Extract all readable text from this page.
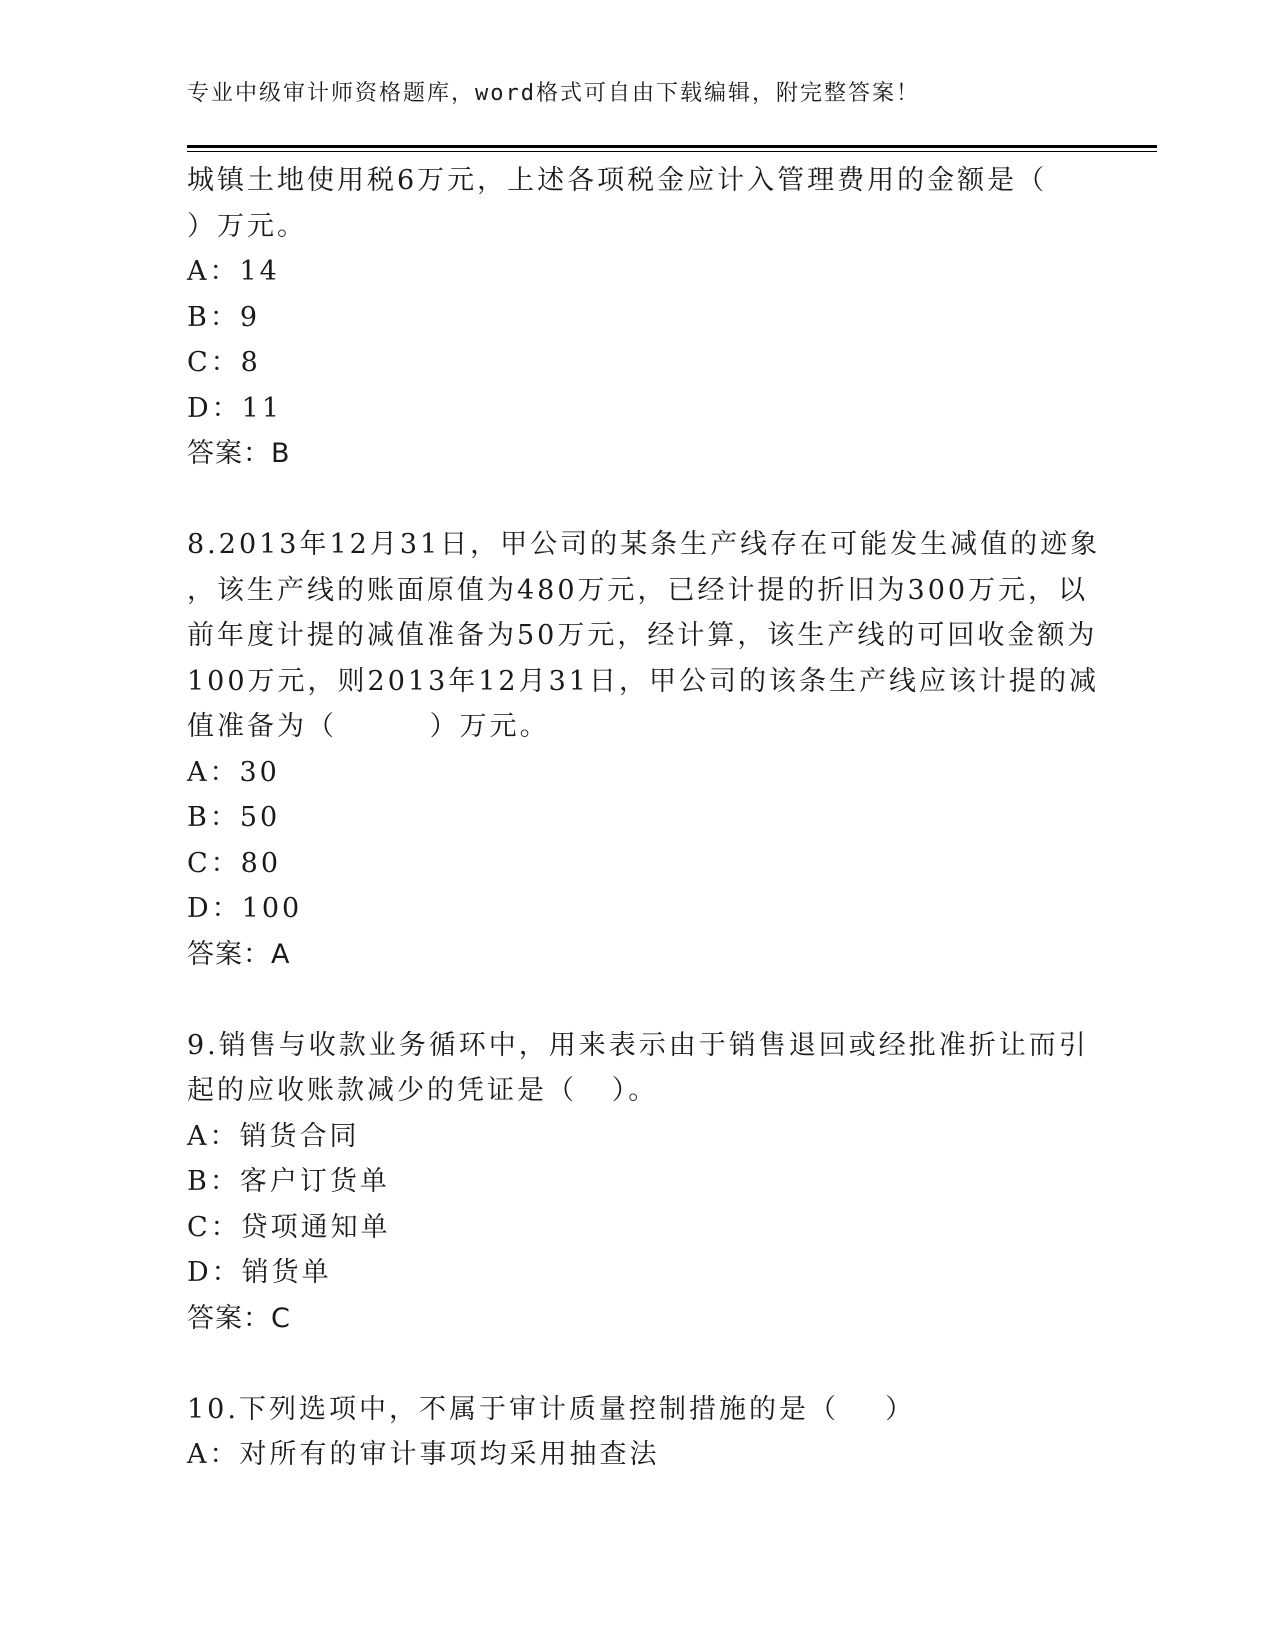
专业中级审计师资格题库，word格式可自由下载编辑，附完整答案！
城镇土地使用税6万元，上述各项税金应计入管理费用的金额是（
）万元。
A：14
B：9
C：8
D：11
答案：B
8.2013年12月31日，甲公司的某条生产线存在可能发生减值的迹象
，该生产线的账面原值为480万元，已经计提的折旧为300万元，以
前年度计提的减值准备为50万元，经计算，该生产线的可回收金额为
100万元，则2013年12月31日，甲公司的该条生产线应该计提的减
值准备为（        ）万元。
A：30
B：50
C：80
D：100
答案：A
9.销售与收款业务循环中，用来表示由于销售退回或经批准折让而引
起的应收账款减少的凭证是（   ）。
A：销货合同
B：客户订货单
C：贷项通知单
D：销货单
答案：C
10.下列选项中，不属于审计质量控制措施的是（    ）
A：对所有的审计事项均采用抽查法
